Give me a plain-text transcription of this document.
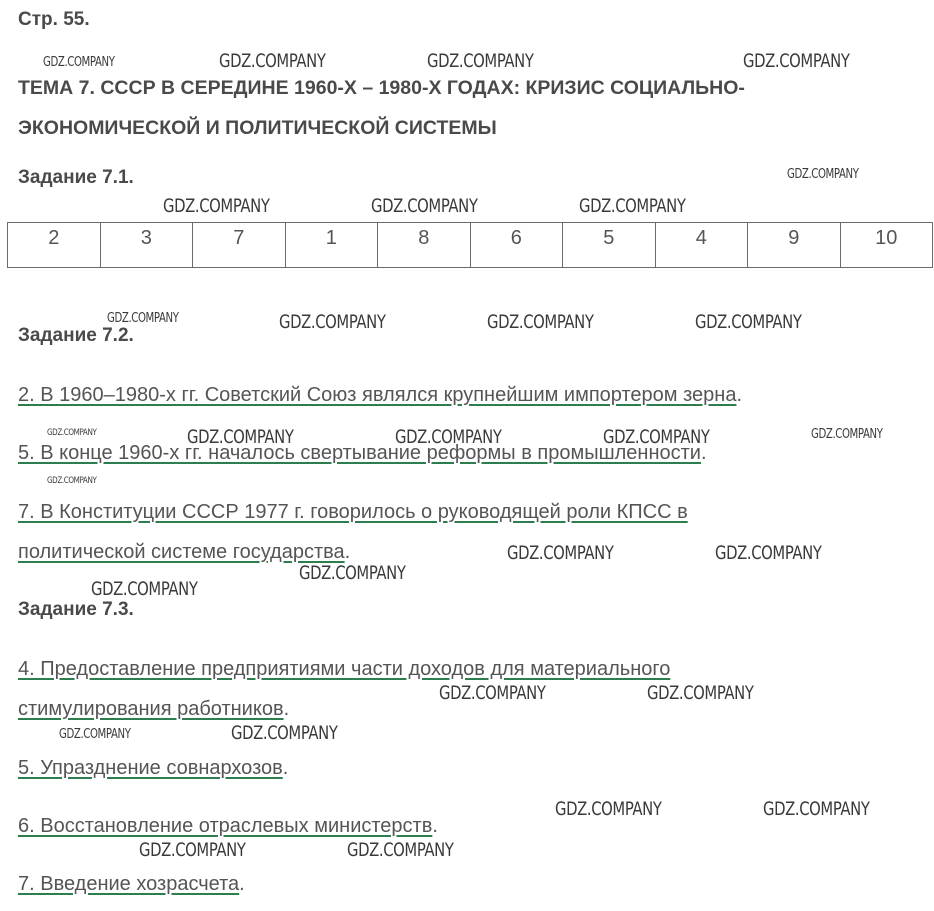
Стр. 55.
ТЕМА 7. СССР В СЕРЕДИНЕ 1960-Х – 1980-Х ГОДАХ: КРИЗИС СОЦИАЛЬНО-ЭКОНОМИЧЕСКОЙ И ПОЛИТИЧЕСКОЙ СИСТЕМЫ
Задание 7.1.
2	3	7	1	8	6	5	4	9	10
Задание 7.2.
2. В 1960–1980-х гг. Советский Союз являлся крупнейшим импортером зерна.
5. В конце 1960-х гг. началось свертывание реформы в промышленности.
7. В Конституции СССР 1977 г. говорилось о руководящей роли КПСС в
политической системе государства.
Задание 7.3.
4. Предоставление предприятиями части доходов для материального
стимулирования работников.
5. Упразднение совнархозов.
6. Восстановление отраслевых министерств.
7. Введение хозрасчета.
GDZ.COMPANY	GDZ.COMPANY	GDZ.COMPANY	GDZ.COMPANY
GDZ.COMPANY
GDZ.COMPANY	GDZ.COMPANY	GDZ.COMPANY
GDZ.COMPANY	GDZ.COMPANY	GDZ.COMPANY	GDZ.COMPANY
GDZ.COMPANY	GDZ.COMPANY	GDZ.COMPANY	GDZ.COMPANY	GDZ.COMPANY
GDZ.COMPANY
GDZ.COMPANY	GDZ.COMPANY
GDZ.COMPANY
GDZ.COMPANY
GDZ.COMPANY	GDZ.COMPANY
GDZ.COMPANY	GDZ.COMPANY
GDZ.COMPANY	GDZ.COMPANY
GDZ.COMPANY	GDZ.COMPANY
